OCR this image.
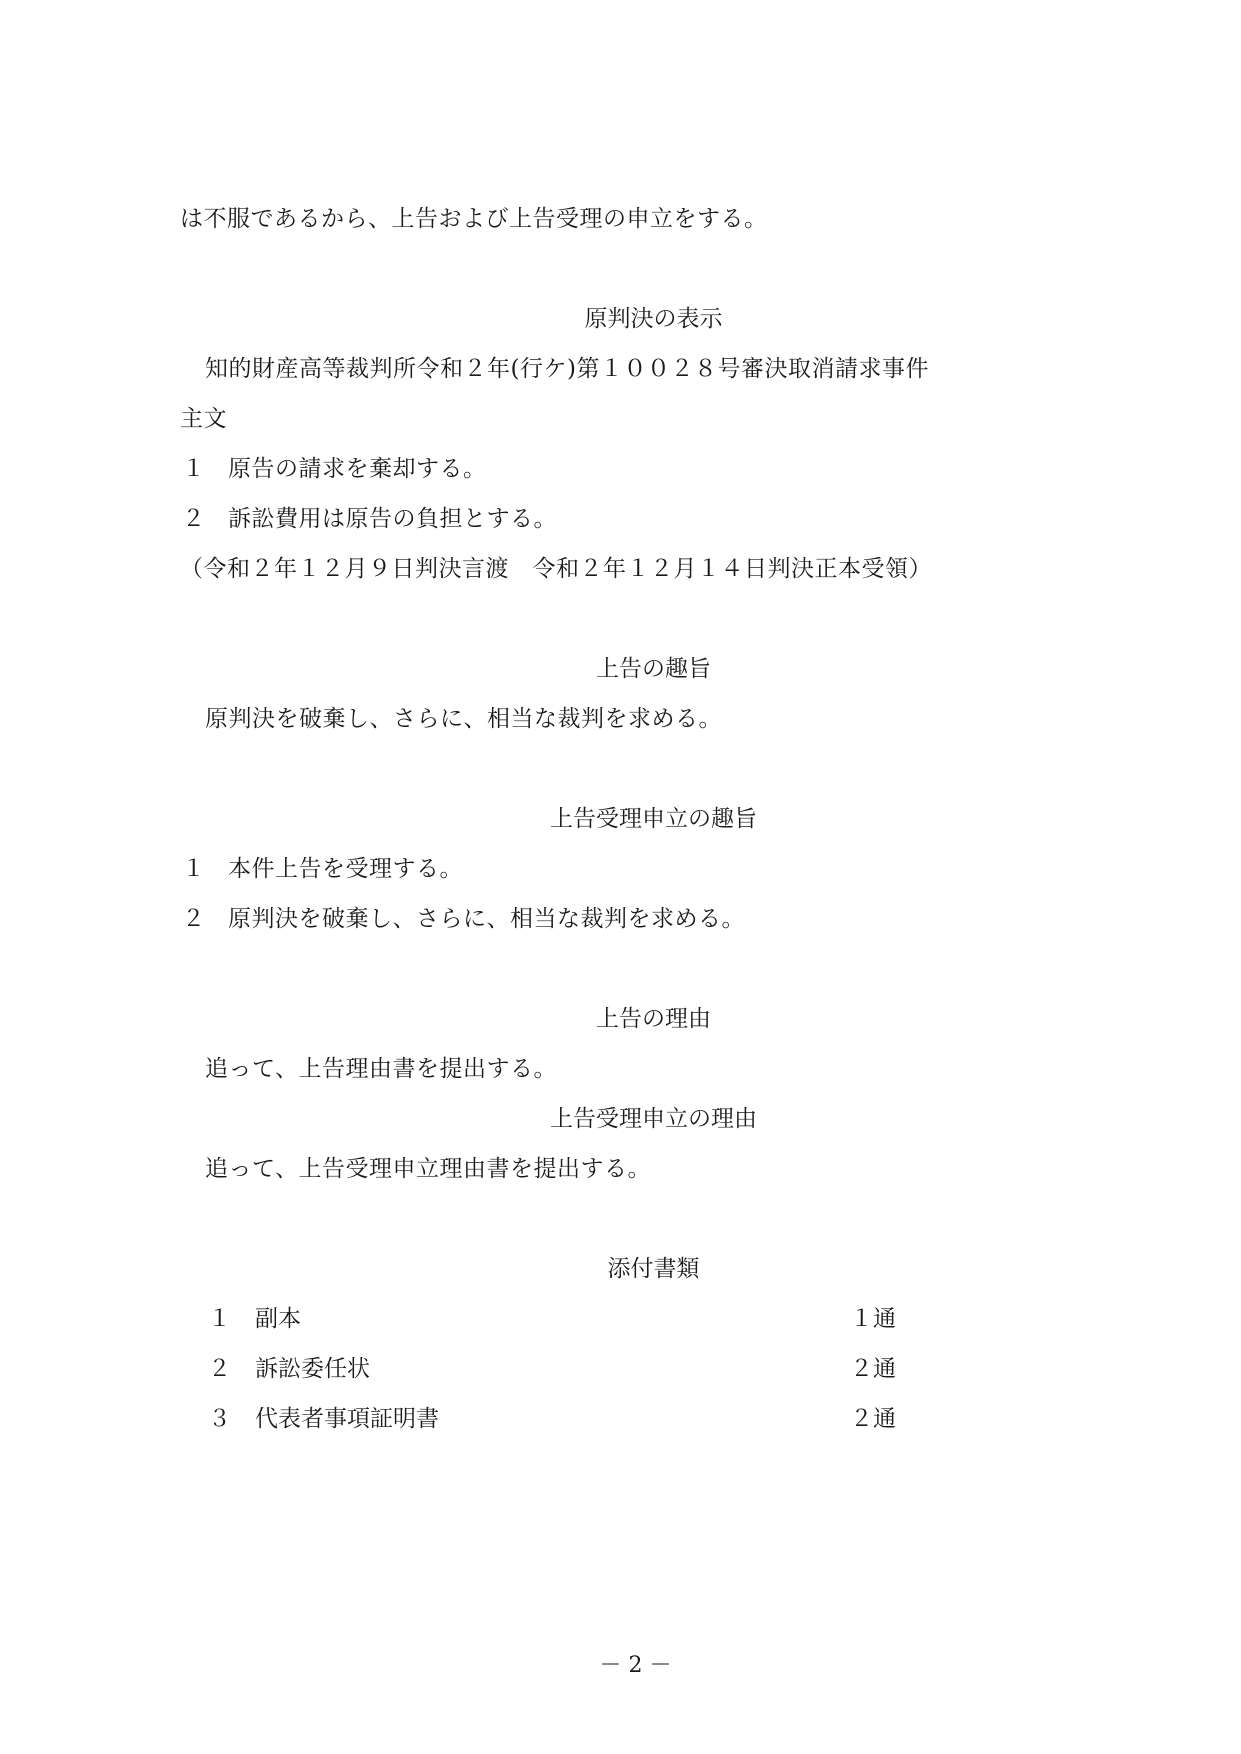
は不服であるから、上告および上告受理の申立をする。
原判決の表示
知的財産高等裁判所令和２年(行ケ)第１００２８号審決取消請求事件
主文
１ 原告の請求を棄却する。
２ 訴訟費用は原告の負担とする。
（令和２年１２月９日判決言渡　令和２年１２月１４日判決正本受領）
上告の趣旨
原判決を破棄し、さらに、相当な裁判を求める。
上告受理申立の趣旨
１ 本件上告を受理する。
２ 原判決を破棄し、さらに、相当な裁判を求める。
上告の理由
追って、上告理由書を提出する。
上告受理申立の理由
追って、上告受理申立理由書を提出する。
添付書類
１ 副本	１通
２ 訴訟委任状	２通
３ 代表者事項証明書	２通
－ 2 －
